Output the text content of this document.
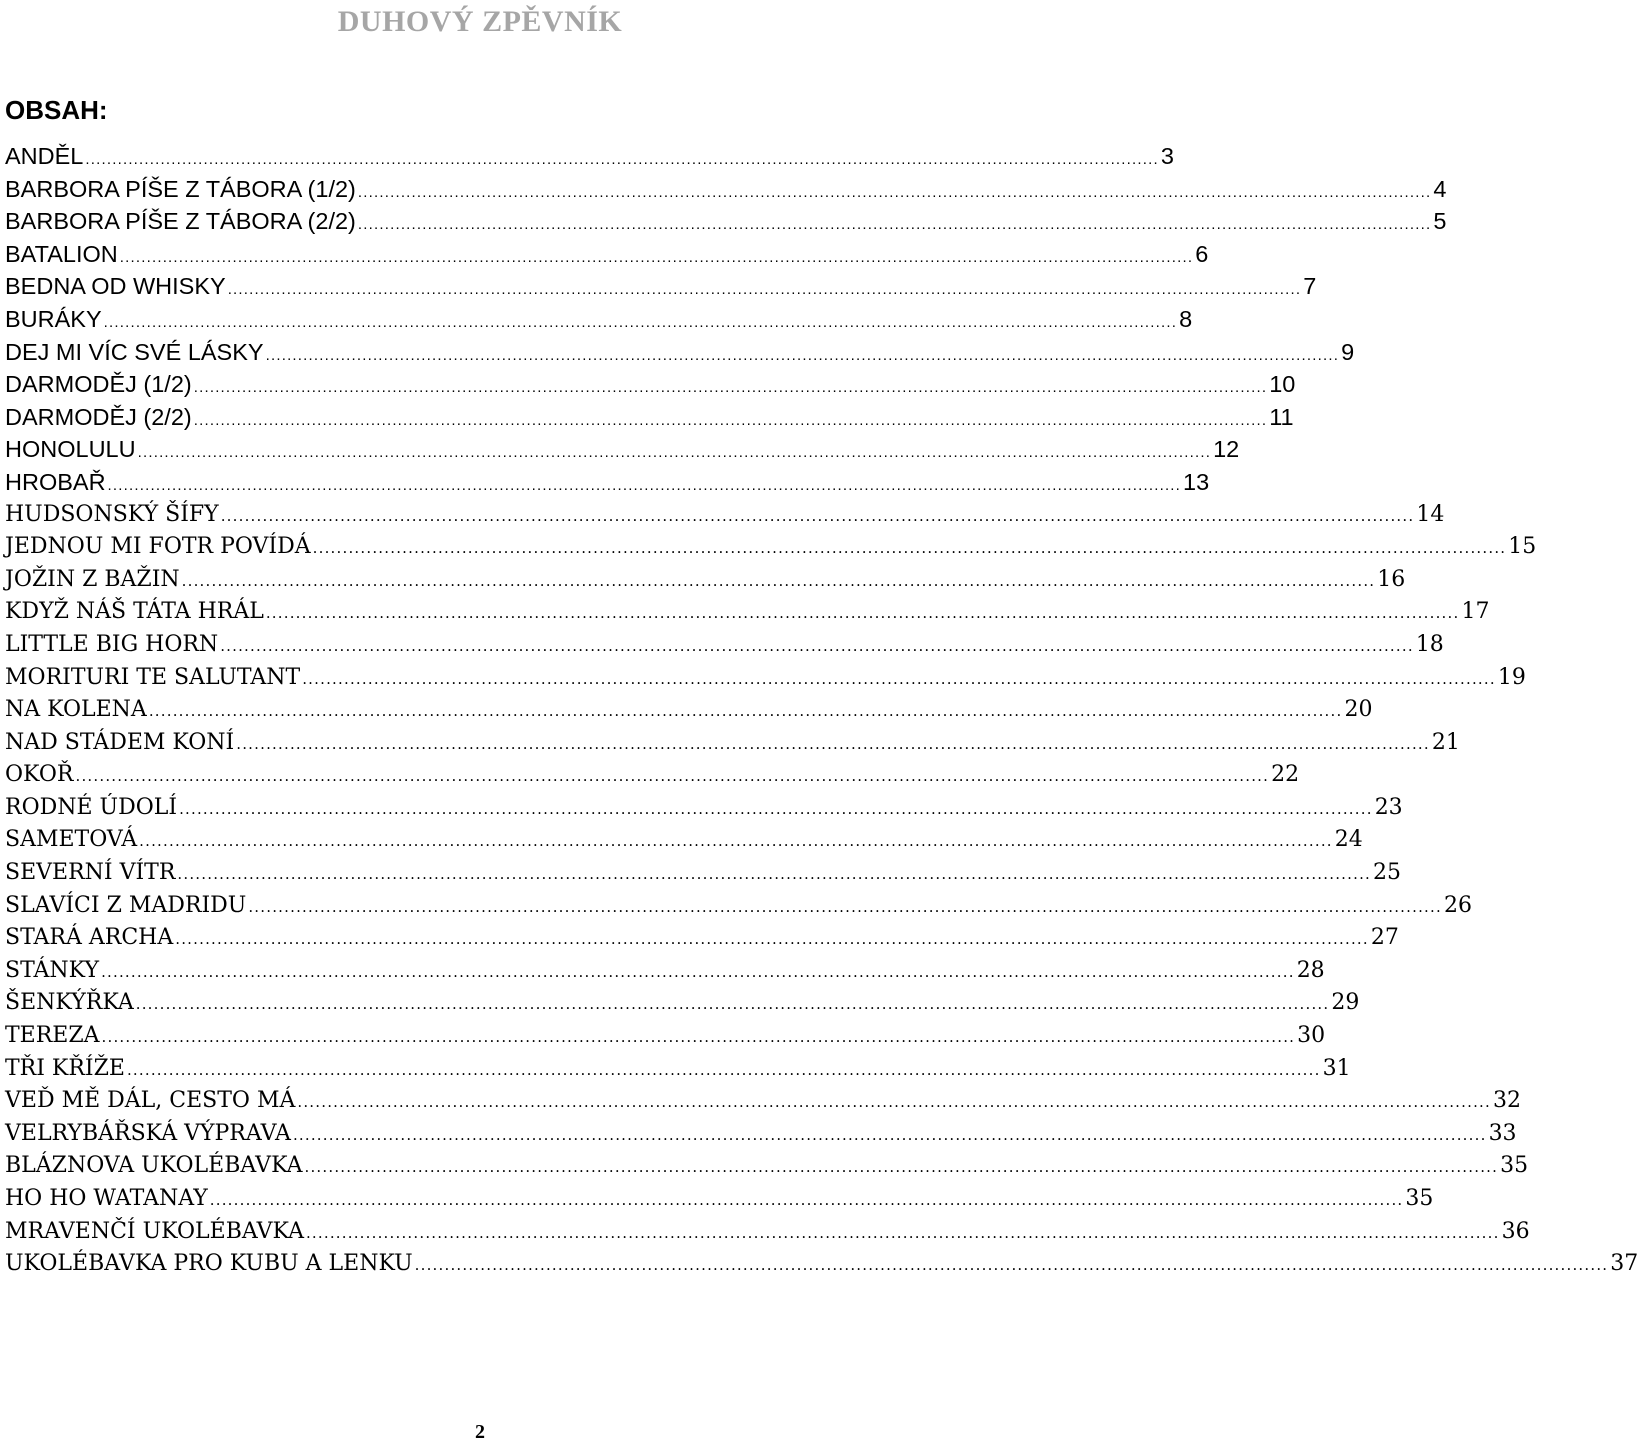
DUHOVÝ ZPĚVNÍK
OBSAH:
ANDĚL ........................................................................................................................................................................................................ 3
BARBORA PÍŠE Z TÁBORA (1/2) ........................................................................................................................................................................................................ 4
BARBORA PÍŠE Z TÁBORA (2/2) ........................................................................................................................................................................................................ 5
BATALION ........................................................................................................................................................................................................ 6
BEDNA OD WHISKY ........................................................................................................................................................................................................ 7
BURÁKY ........................................................................................................................................................................................................ 8
DEJ MI VÍC SVÉ LÁSKY ........................................................................................................................................................................................................ 9
DARMODĚJ (1/2) ........................................................................................................................................................................................................ 10
DARMODĚJ (2/2) ........................................................................................................................................................................................................ 11
HONOLULU ........................................................................................................................................................................................................ 12
HROBAŘ ........................................................................................................................................................................................................ 13
HUDSONSKÝ ŠÍFY ........................................................................................................................................................................................................ 14
JEDNOU MI FOTR POVÍDÁ ........................................................................................................................................................................................................ 15
JOŽIN Z BAŽIN ........................................................................................................................................................................................................ 16
KDYŽ NÁŠ TÁTA HRÁL ........................................................................................................................................................................................................ 17
LITTLE BIG HORN ........................................................................................................................................................................................................ 18
MORITURI TE SALUTANT ........................................................................................................................................................................................................ 19
NA KOLENA ........................................................................................................................................................................................................ 20
NAD STÁDEM KONÍ ........................................................................................................................................................................................................ 21
OKOŘ ........................................................................................................................................................................................................ 22
RODNÉ ÚDOLÍ ........................................................................................................................................................................................................ 23
SAMETOVÁ ........................................................................................................................................................................................................ 24
SEVERNÍ VÍTR ........................................................................................................................................................................................................ 25
SLAVÍCI Z MADRIDU ........................................................................................................................................................................................................ 26
STARÁ ARCHA ........................................................................................................................................................................................................ 27
STÁNKY ........................................................................................................................................................................................................ 28
ŠENKÝŘKA ........................................................................................................................................................................................................ 29
TEREZA ........................................................................................................................................................................................................ 30
TŘI KŘÍŽE ........................................................................................................................................................................................................ 31
VEĎ MĚ DÁL, CESTO MÁ ........................................................................................................................................................................................................ 32
VELRYBÁŘSKÁ VÝPRAVA ........................................................................................................................................................................................................ 33
BLÁZNOVA UKOLÉBAVKA ........................................................................................................................................................................................................ 35
HO HO WATANAY ........................................................................................................................................................................................................ 35
MRAVENČÍ UKOLÉBAVKA ........................................................................................................................................................................................................ 36
UKOLÉBAVKA PRO KUBU A LENKU ........................................................................................................................................................................................................ 37
2
